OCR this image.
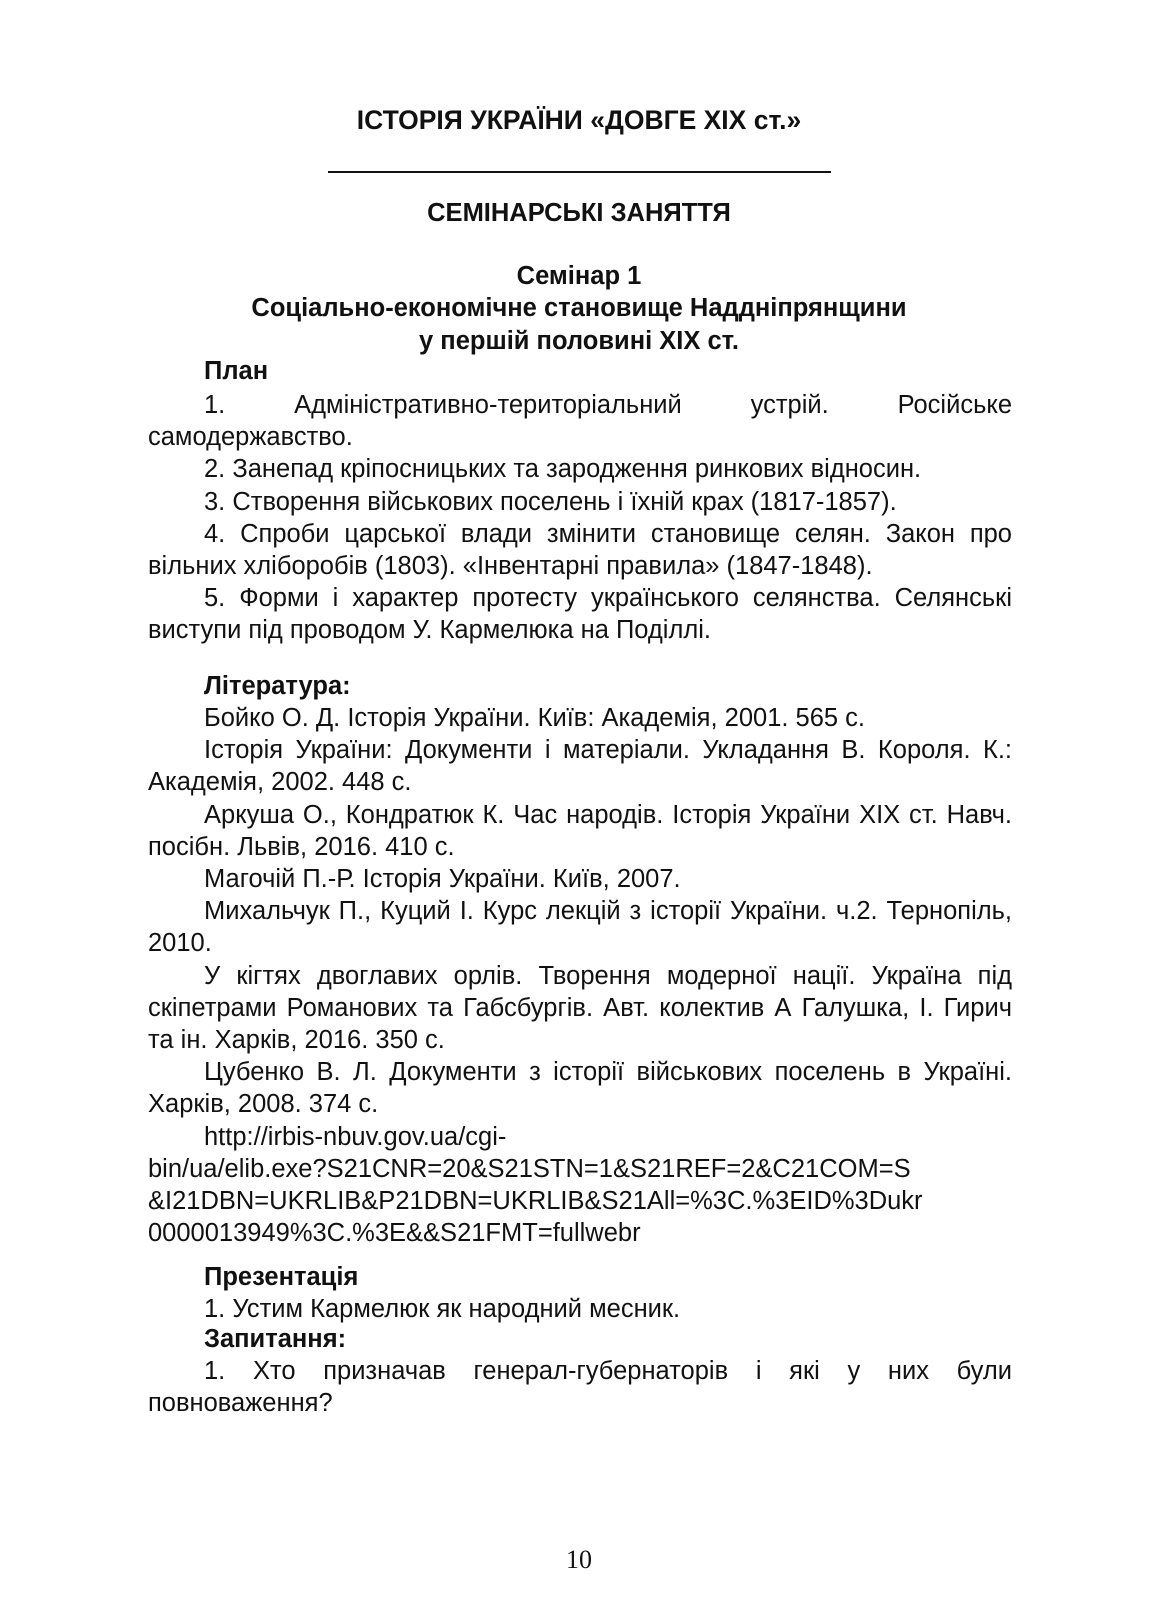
ІСТОРІЯ УКРАЇНИ «ДОВГЕ ХІХ ст.»
СЕМІНАРСЬКІ ЗАНЯТТЯ
Семінар 1
Соціально-економічне становище Наддніпрянщини
у першій половині ХІХ ст.
План

1. Адміністративно-територіальний устрій. Російське самодержавство.

2. Занепад кріпосницьких та зародження ринкових відносин.

3. Створення військових поселень і їхній крах (1817-1857).

4. Спроби царської влади змінити становище селян. Закон про вільних хліборобів (1803). «Інвентарні правила» (1847-1848).

5. Форми і характер протесту українського селянства. Селянські виступи під проводом У. Кармелюка на Поділлі.

Література:

Бойко О. Д. Історія України. Київ: Академія, 2001. 565 с.

Історія України: Документи і матеріали. Укладання В. Короля. К.: Академія, 2002. 448 с.

Аркуша О., Кондратюк К. Час народів. Історія України ХІХ ст. Навч. посібн. Львів, 2016. 410 с.

Магочій П.-Р. Історія України. Київ, 2007.

Михальчук П., Куций І. Курс лекцій з історії України. ч.2. Тернопіль, 2010.

У кігтях двоглавих орлів. Творення модерної нації. Україна під скіпетрами Романових та Габсбургів. Авт. колектив А Галушка, І. Гирич та ін. Харків, 2016. 350 с.

Цубенко В. Л. Документи з історії військових поселень в Україні. Харків, 2008. 374 с.

http://irbis-nbuv.gov.ua/cgi-

bin/ua/elib.exe?S21CNR=20&S21STN=1&S21REF=2&C21COM=S

&I21DBN=UKRLIB&P21DBN=UKRLIB&S21All=%3C.%3EID%3Dukr

0000013949%3C.%3E&&S21FMT=fullwebr

Презентація

1. Устим Кармелюк як народний месник.

Запитання:

1. Хто призначав генерал-губернаторів і які у них були повноваження?

10
